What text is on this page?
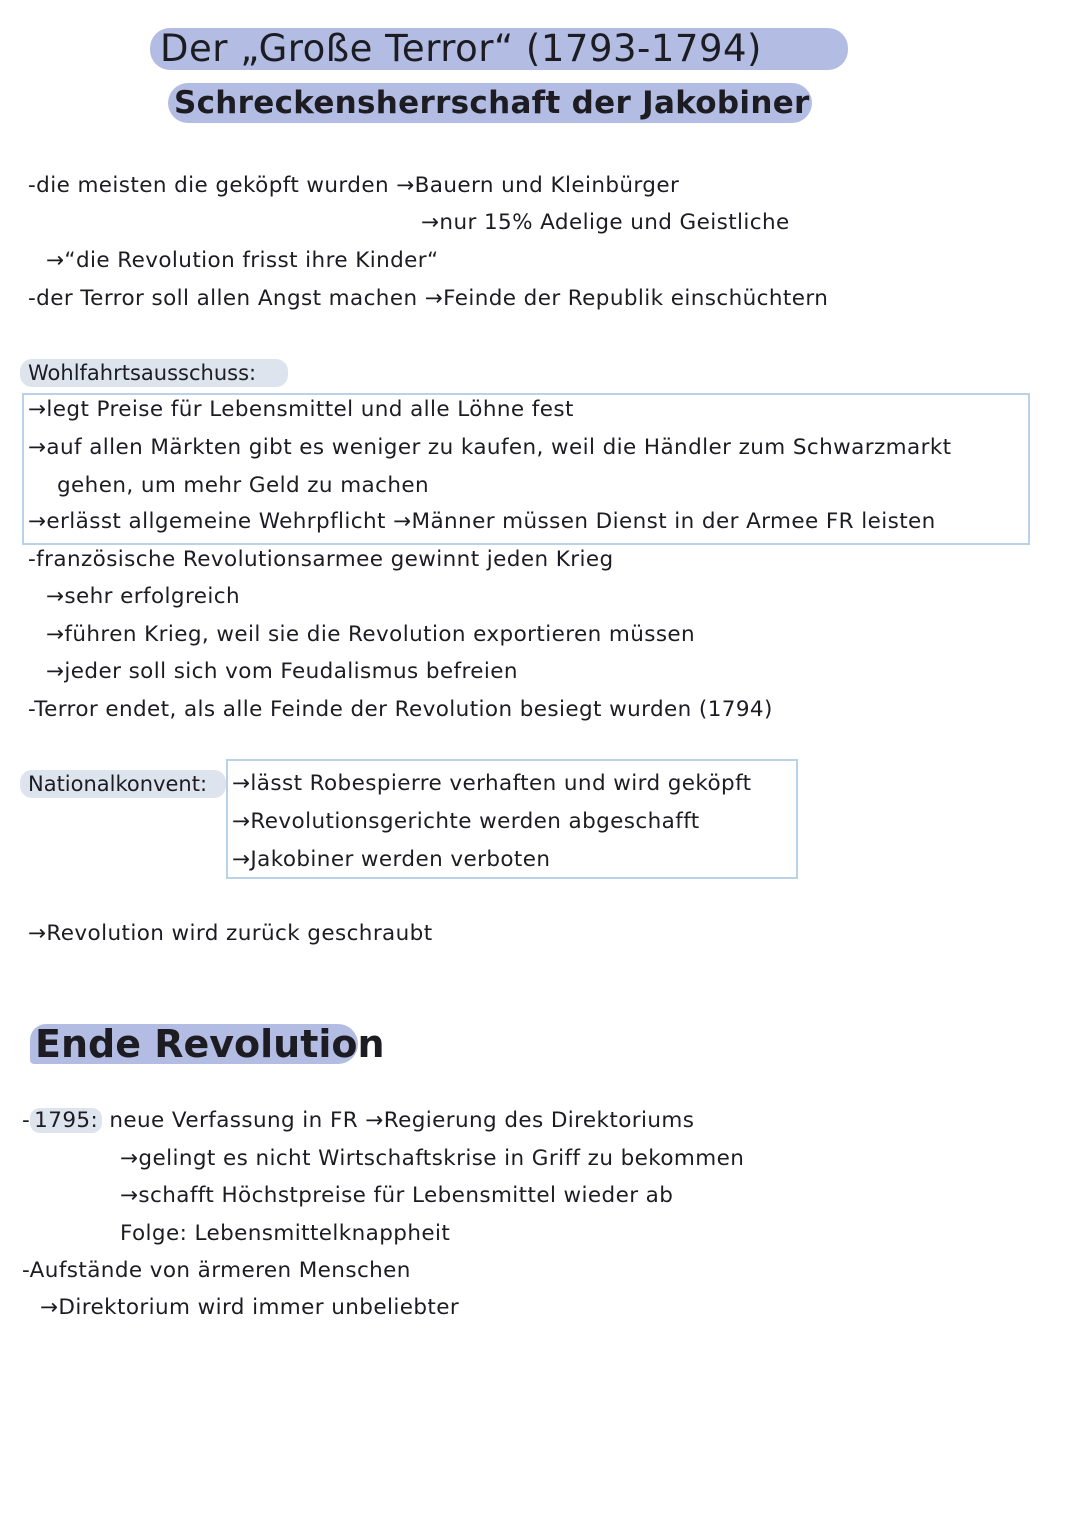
Der „Große Terror“ (1793-1794)
Schreckensherrschaft der Jakobiner
-die meisten die geköpft wurden →Bauern und Kleinbürger
→nur 15% Adelige und Geistliche
→“die Revolution frisst ihre Kinder“
-der Terror soll allen Angst machen →Feinde der Republik einschüchtern
Wohlfahrtsausschuss:
→legt Preise für Lebensmittel und alle Löhne fest
→auf allen Märkten gibt es weniger zu kaufen, weil die Händler zum Schwarzmarkt
gehen, um mehr Geld zu machen
→erlässt allgemeine Wehrpflicht →Männer müssen Dienst in der Armee FR leisten
-französische Revolutionsarmee gewinnt jeden Krieg
→sehr erfolgreich
→führen Krieg, weil sie die Revolution exportieren müssen
→jeder soll sich vom Feudalismus befreien
-Terror endet, als alle Feinde der Revolution besiegt wurden (1794)
Nationalkonvent:	→lässt Robespierre verhaften und wird geköpft
→Revolutionsgerichte werden abgeschafft
→Jakobiner werden verboten
→Revolution wird zurück geschraubt
Ende Revolution
- 1795: neue Verfassung in FR →Regierung des Direktoriums
→gelingt es nicht Wirtschaftskrise in Griff zu bekommen
→schafft Höchstpreise für Lebensmittel wieder ab
Folge: Lebensmittelknappheit
-Aufstände von ärmeren Menschen
→Direktorium wird immer unbeliebter
